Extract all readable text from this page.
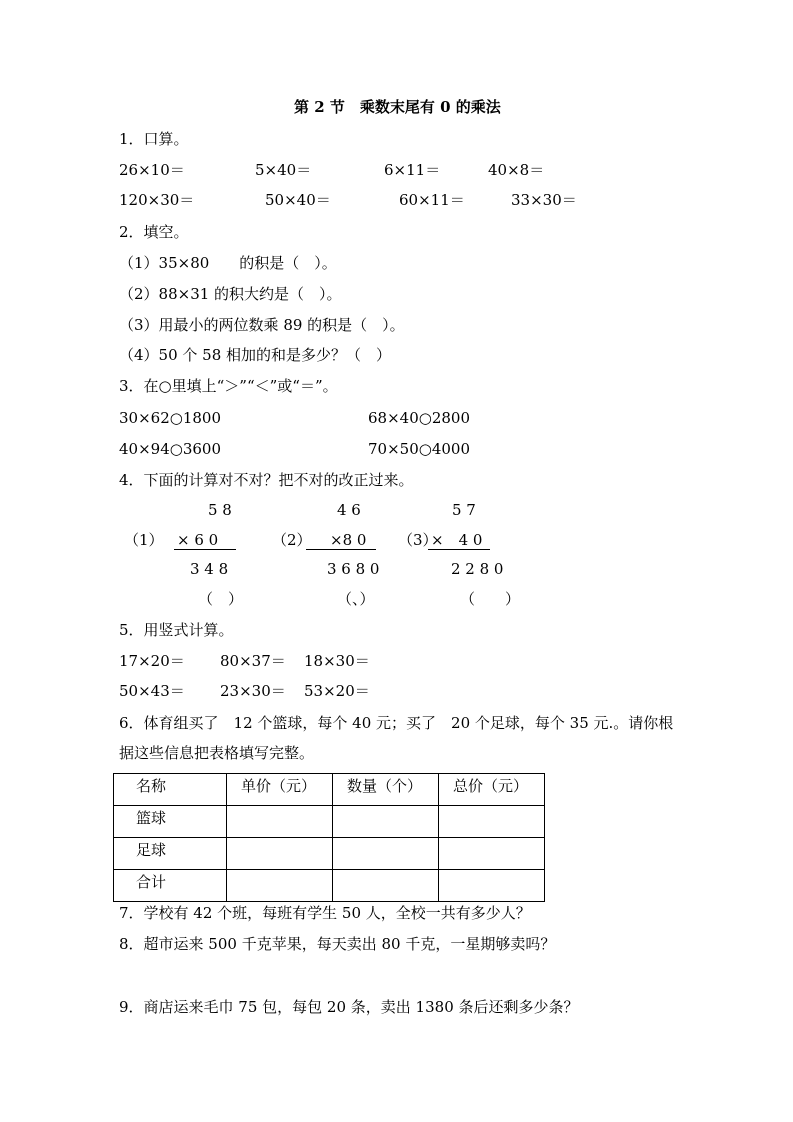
第 2 节　乘数末尾有 0 的乘法
1．口算。
26×10＝	5×40＝	6×11＝	40×8＝
120×30＝	50×40＝	60×11＝	33×30＝
2．填空。
（1）35×80　　的积是（　）。
（2）88×31 的积大约是（　）。
（3）用最小的两位数乘 89 的积是（　）。
（4）50 个 58 相加的和是多少？（　）
3．在○里填上“＞”“＜”或“＝”。
30×62○1800	68×40○2800
40×94○3600	70×50○4000
4．下面的计算对不对？把不对的改正过来。
5 8
（1） × 6 0
3 4 8
（　）
4 6
（2） ×8 0
3 6 8 0
（、）
5 7
（3）
×　4 0
2 2 8 0
（　　）
5．用竖式计算。
17×20＝ 80×37＝ 18×30＝
50×43＝ 23×30＝ 53×20＝
6．体育组买了　12 个篮球，每个 40 元；买了　20 个足球，每个 35 元.。请你根
据这些信息把表格填写完整。
名称	单价（元）	数量（个）	总价（元）
篮球			
足球			
合计			
7．学校有 42 个班，每班有学生 50 人，全校一共有多少人？
8．超市运来 500 千克苹果，每天卖出 80 千克，一星期够卖吗？
9．商店运来毛巾 75 包，每包 20 条，卖出 1380 条后还剩多少条？
